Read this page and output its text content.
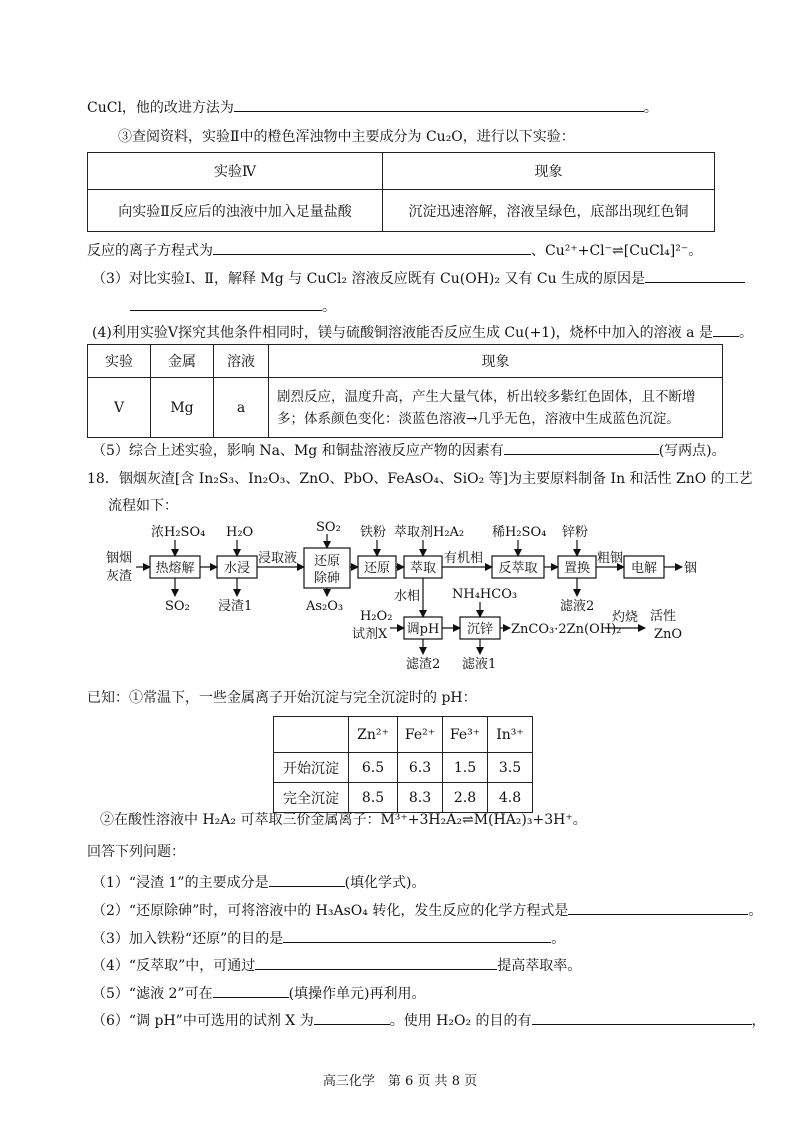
CuCl，他的改进方法为	。
③查阅资料，实验Ⅱ中的橙色浑浊物中主要成分为 Cu₂O，进行以下实验：
实验Ⅳ	现象
向实验Ⅱ反应后的浊液中加入足量盐酸	沉淀迅速溶解，溶液呈绿色，底部出现红色铜
反应的离子方程式为	、Cu²⁺+Cl⁻⇌[CuCl₄]²⁻。
（3）对比实验Ⅰ、Ⅱ，解释 Mg 与 CuCl₂ 溶液反应既有 Cu(OH)₂ 又有 Cu 生成的原因是
。
(4)利用实验Ⅴ探究其他条件相同时，镁与硫酸铜溶液能否反应生成 Cu(+1)，烧杯中加入的溶液 a 是 。
实验	金属	溶液	现象
Ⅴ	Mg	a	剧烈反应，温度升高，产生大量气体，析出较多紫红色固体，且不断增
多；体系颜色变化：淡蓝色溶液→几乎无色，溶液中生成蓝色沉淀。
（5）综合上述实验，影响 Na、Mg 和铜盐溶液反应产物的因素有	(写两点)。
18．铟烟灰渣[含 In₂S₃、In₂O₃、ZnO、PbO、FeAsO₄、SiO₂ 等]为主要原料制备 In 和活性 ZnO 的工艺
流程如下：
铟烟
灰渣
浓H₂SO₄
热熔解
SO₂
H₂O
水浸
浸渣1
浸取液
SO₂
还原
除砷
As₂O₃
铁粉
还原
萃取剂H₂A₂
萃取
有机相
稀H₂SO₄
反萃取
锌粉
置换
粗铟
滤液2
电解 铟
水相
H₂O₂
试剂X 调pH
滤渣2
NH₄HCO₃
沉锌
滤液1
ZnCO₃·2Zn(OH)₂
灼烧 活性
ZnO
已知：①常温下，一些金属离子开始沉淀与完全沉淀时的 pH：
	Zn²⁺	Fe²⁺	Fe³⁺	In³⁺
开始沉淀	6.5	6.3	1.5	3.5
完全沉淀	8.5	8.3	2.8	4.8
②在酸性溶液中 H₂A₂ 可萃取三价金属离子：M³⁺+3H₂A₂⇌M(HA₂)₃+3H⁺。
回答下列问题：
（1）“浸渣 1”的主要成分是	(填化学式)。
（2）“还原除砷”时，可将溶液中的 H₃AsO₄ 转化，发生反应的化学方程式是	。
（3）加入铁粉“还原”的目的是	。
（4）“反萃取”中，可通过	提高萃取率。
（5）“滤液 2”可在	(填操作单元)再利用。
（6）“调 pH”中可选用的试剂 X 为	。使用 H₂O₂ 的目的有	，
高三化学　第 6 页 共 8 页
